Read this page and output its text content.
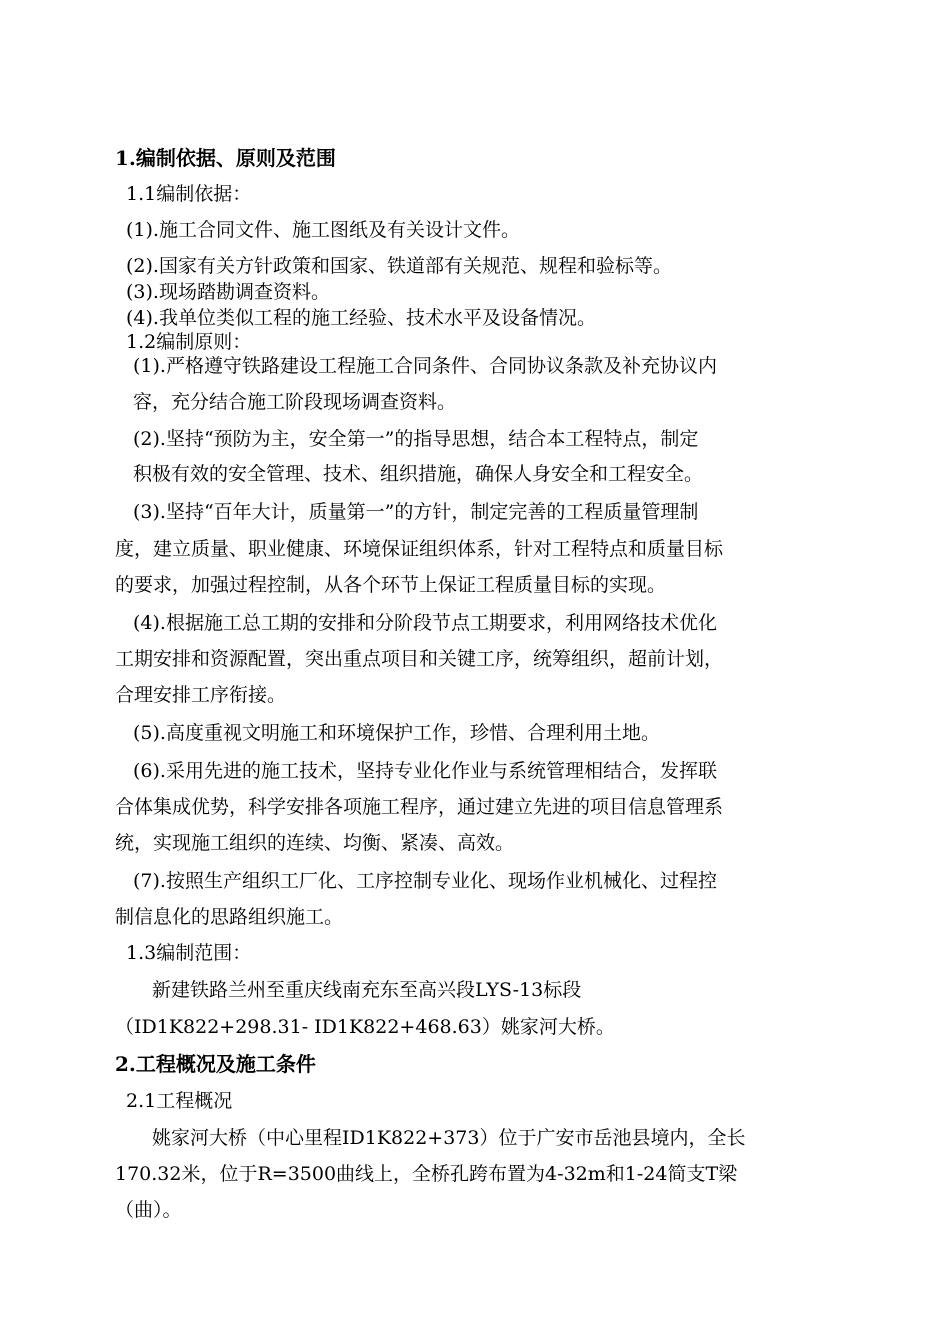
1.编制依据、原则及范围
1.1编制依据：
(1).施工合同文件、施工图纸及有关设计文件。
(2).国家有关方针政策和国家、铁道部有关规范、规程和验标等。
(3).现场踏勘调查资料。
(4).我单位类似工程的施工经验、技术水平及设备情况。
1.2编制原则：
(1).严格遵守铁路建设工程施工合同条件、合同协议条款及补充协议内
容，充分结合施工阶段现场调查资料。
(2).坚持“预防为主，安全第一”的指导思想，结合本工程特点，制定
积极有效的安全管理、技术、组织措施，确保人身安全和工程安全。
(3).坚持“百年大计，质量第一”的方针，制定完善的工程质量管理制
度，建立质量、职业健康、环境保证组织体系，针对工程特点和质量目标
的要求，加强过程控制，从各个环节上保证工程质量目标的实现。
(4).根据施工总工期的安排和分阶段节点工期要求，利用网络技术优化
工期安排和资源配置，突出重点项目和关键工序，统筹组织，超前计划，
合理安排工序衔接。
(5).高度重视文明施工和环境保护工作，珍惜、合理利用土地。
(6).采用先进的施工技术，坚持专业化作业与系统管理相结合，发挥联
合体集成优势，科学安排各项施工程序，通过建立先进的项目信息管理系
统，实现施工组织的连续、均衡、紧凑、高效。
(7).按照生产组织工厂化、工序控制专业化、现场作业机械化、过程控
制信息化的思路组织施工。
1.3编制范围：
新建铁路兰州至重庆线南充东至高兴段LYS-13标段
（ID1K822+298.31- ID1K822+468.63）姚家河大桥。
2.工程概况及施工条件
2.1工程概况
姚家河大桥（中心里程ID1K822+373）位于广安市岳池县境内，全长
170.32米，位于R=3500曲线上，全桥孔跨布置为4-32m和1-24简支T梁
（曲）。
